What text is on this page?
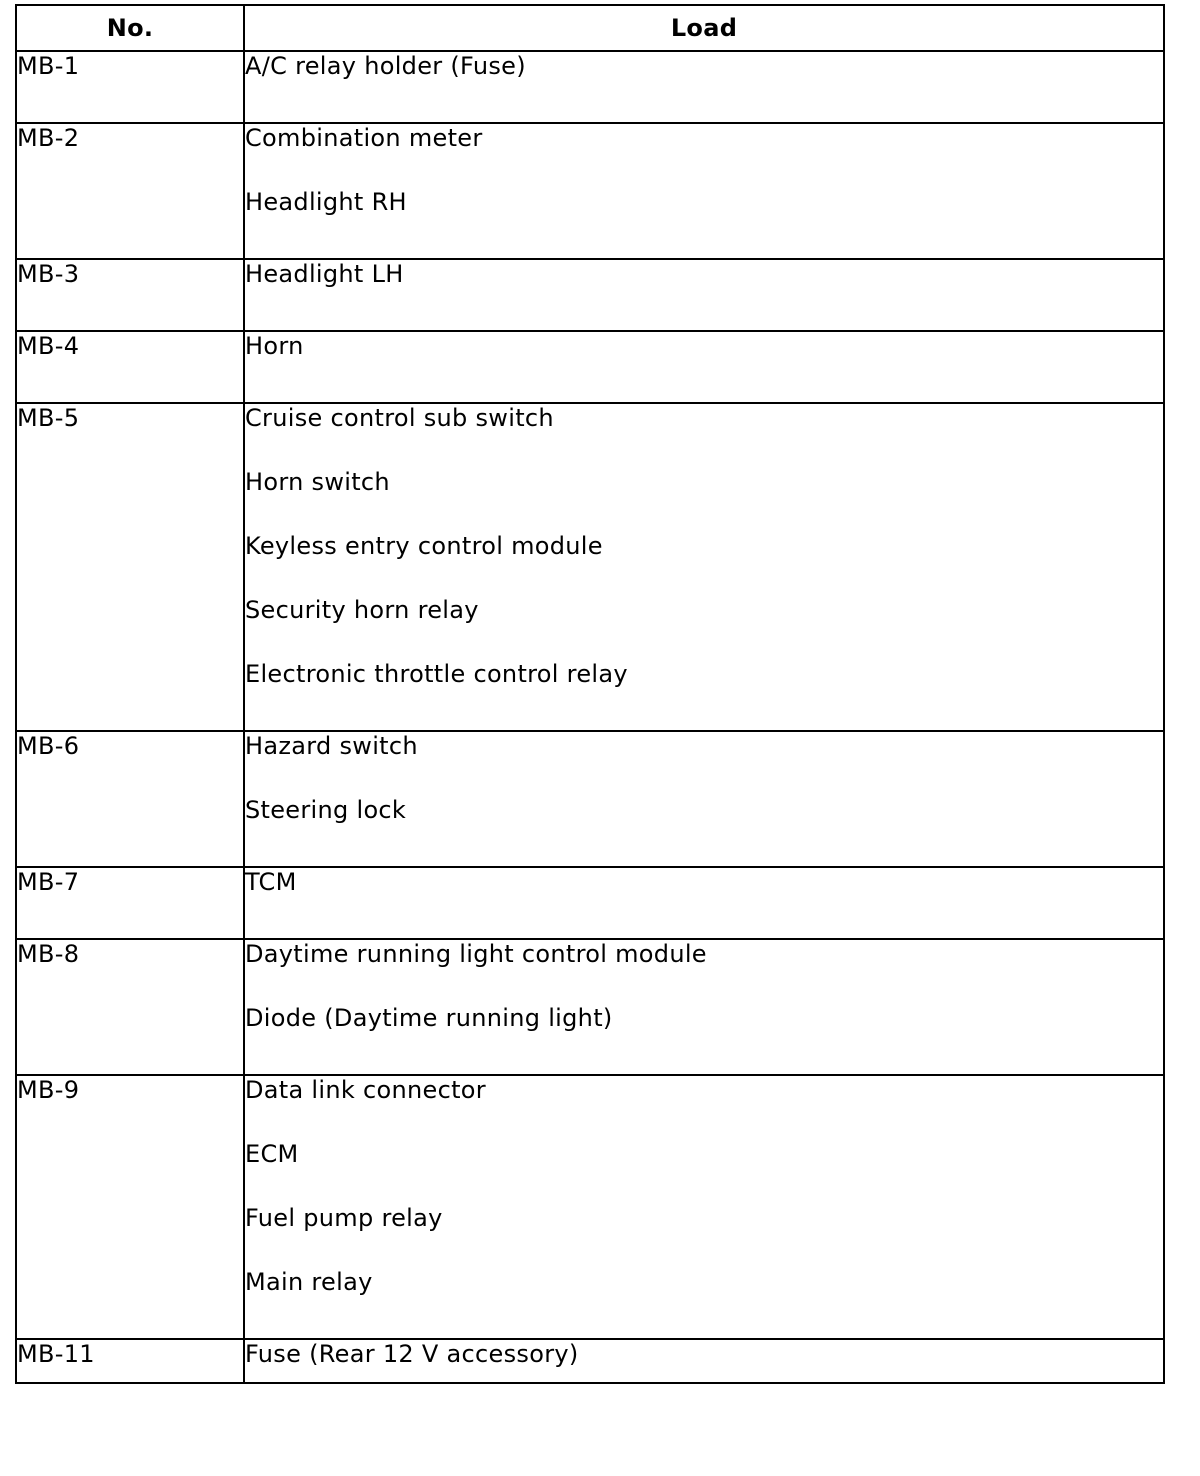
No.	Load

MB-1	A/C relay holder (Fuse)

MB-2	Combination meter
Headlight RH

MB-3	Headlight LH

MB-4	Horn

MB-5	Cruise control sub switch
Horn switch
Keyless entry control module
Security horn relay
Electronic throttle control relay

MB-6	Hazard switch
Steering lock

MB-7	TCM

MB-8	Daytime running light control module
Diode (Daytime running light)

MB-9	Data link connector
ECM
Fuel pump relay
Main relay

MB-11	Fuse (Rear 12 V accessory)
